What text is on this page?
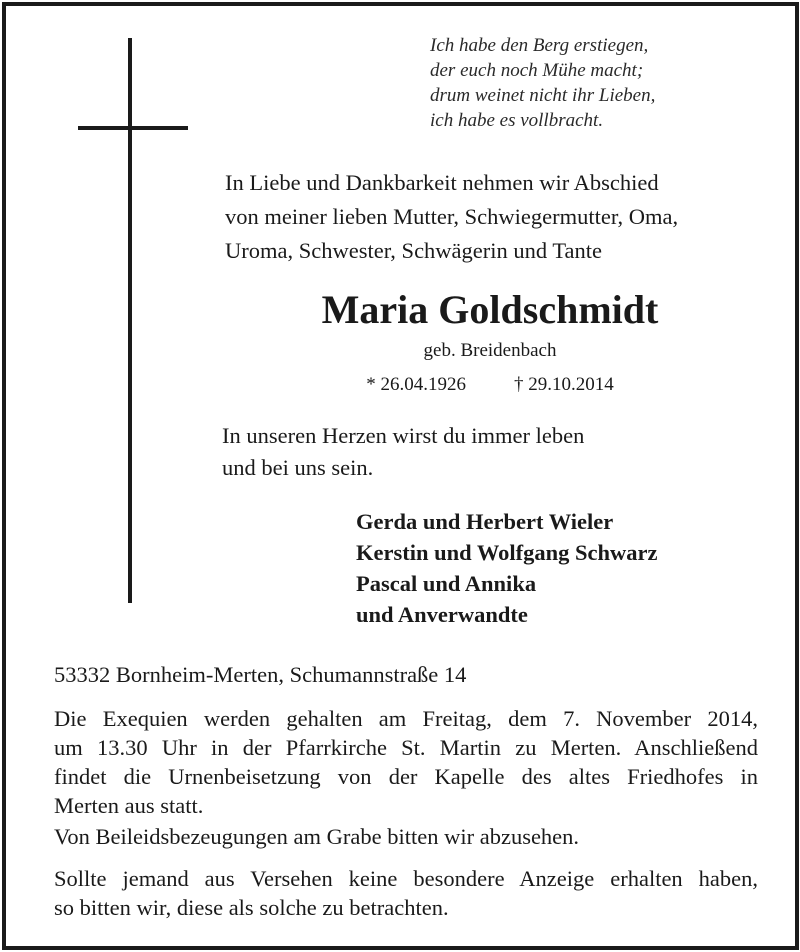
Ich habe den Berg erstiegen,
der euch noch Mühe macht;
drum weinet nicht ihr Lieben,
ich habe es vollbracht.
In Liebe und Dankbarkeit nehmen wir Abschied
von meiner lieben Mutter, Schwiegermutter, Oma,
Uroma, Schwester, Schwägerin und Tante
Maria Goldschmidt
geb. Breidenbach
* 26.04.1926	† 29.10.2014
In unseren Herzen wirst du immer leben
und bei uns sein.
Gerda und Herbert Wieler
Kerstin und Wolfgang Schwarz
Pascal und Annika
und Anverwandte
53332 Bornheim-Merten, Schumannstraße 14
Die Exequien werden gehalten am Freitag, dem 7. November 2014,
um 13.30 Uhr in der Pfarrkirche St. Martin zu Merten. Anschließend
findet die Urnenbeisetzung von der Kapelle des altes Friedhofes in
Merten aus statt.
Von Beileidsbezeugungen am Grabe bitten wir abzusehen.
Sollte jemand aus Versehen keine besondere Anzeige erhalten haben,
so bitten wir, diese als solche zu betrachten.
